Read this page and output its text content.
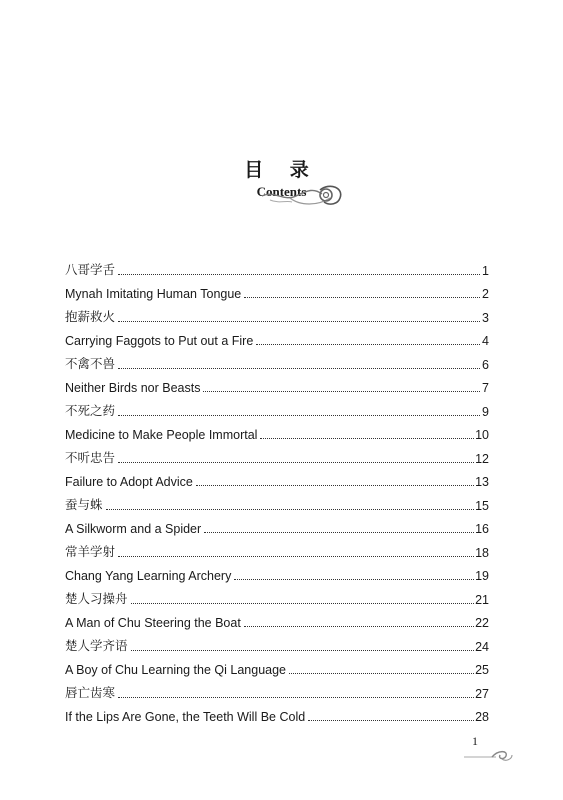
目 录
Contents
八哥学舌	1
Mynah Imitating Human Tongue	2
抱薪救火	3
Carrying Faggots to Put out a Fire	4
不禽不兽	6
Neither Birds nor Beasts	7
不死之药	9
Medicine to Make People Immortal	10
不听忠告	12
Failure to Adopt Advice	13
蚕与蛛	15
A Silkworm and a Spider	16
常羊学射	18
Chang Yang Learning Archery	19
楚人习操舟	21
A Man of Chu Steering the Boat	22
楚人学齐语	24
A Boy of Chu Learning the Qi Language	25
唇亡齿寒	27
If the Lips Are Gone, the Teeth Will Be Cold	28
1
